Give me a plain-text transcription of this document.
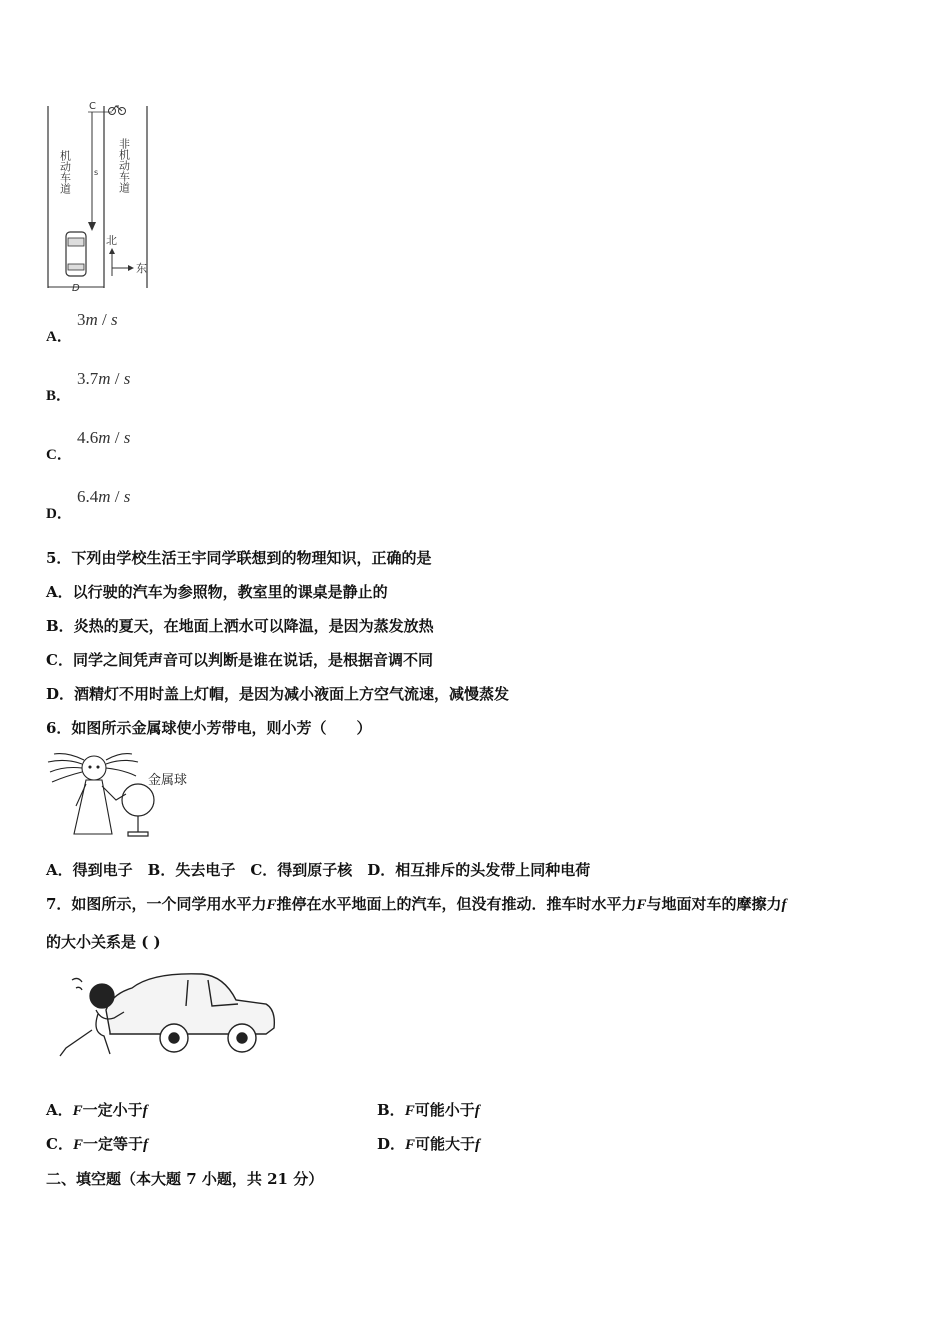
C
s
机动车道	非机动车道
北
东
D
A．
3m / s
B．
3.7m / s
C．
4.6m / s
D．
6.4m / s
5．下列由学校生活王宇同学联想到的物理知识，正确的是
A．以行驶的汽车为参照物，教室里的课桌是静止的
B．炎热的夏天，在地面上洒水可以降温，是因为蒸发放热
C．同学之间凭声音可以判断是谁在说话，是根据音调不同
D．酒精灯不用时盖上灯帽，是因为减小液面上方空气流速，减慢蒸发
6．如图所示金属球使小芳带电，则小芳（　　）
金属球
A．得到电子　B．失去电子　C．得到原子核　D．相互排斥的头发带上同种电荷
7．如图所示，一个同学用水平力F推停在水平地面上的汽车，但没有推动．推车时水平力F与地面对车的摩擦力f
的大小关系是 ( )
A．F一定小于f	B．F可能小于f
C．F一定等于f	D．F可能大于f
二、填空题（本大题 7 小题，共 21 分）
